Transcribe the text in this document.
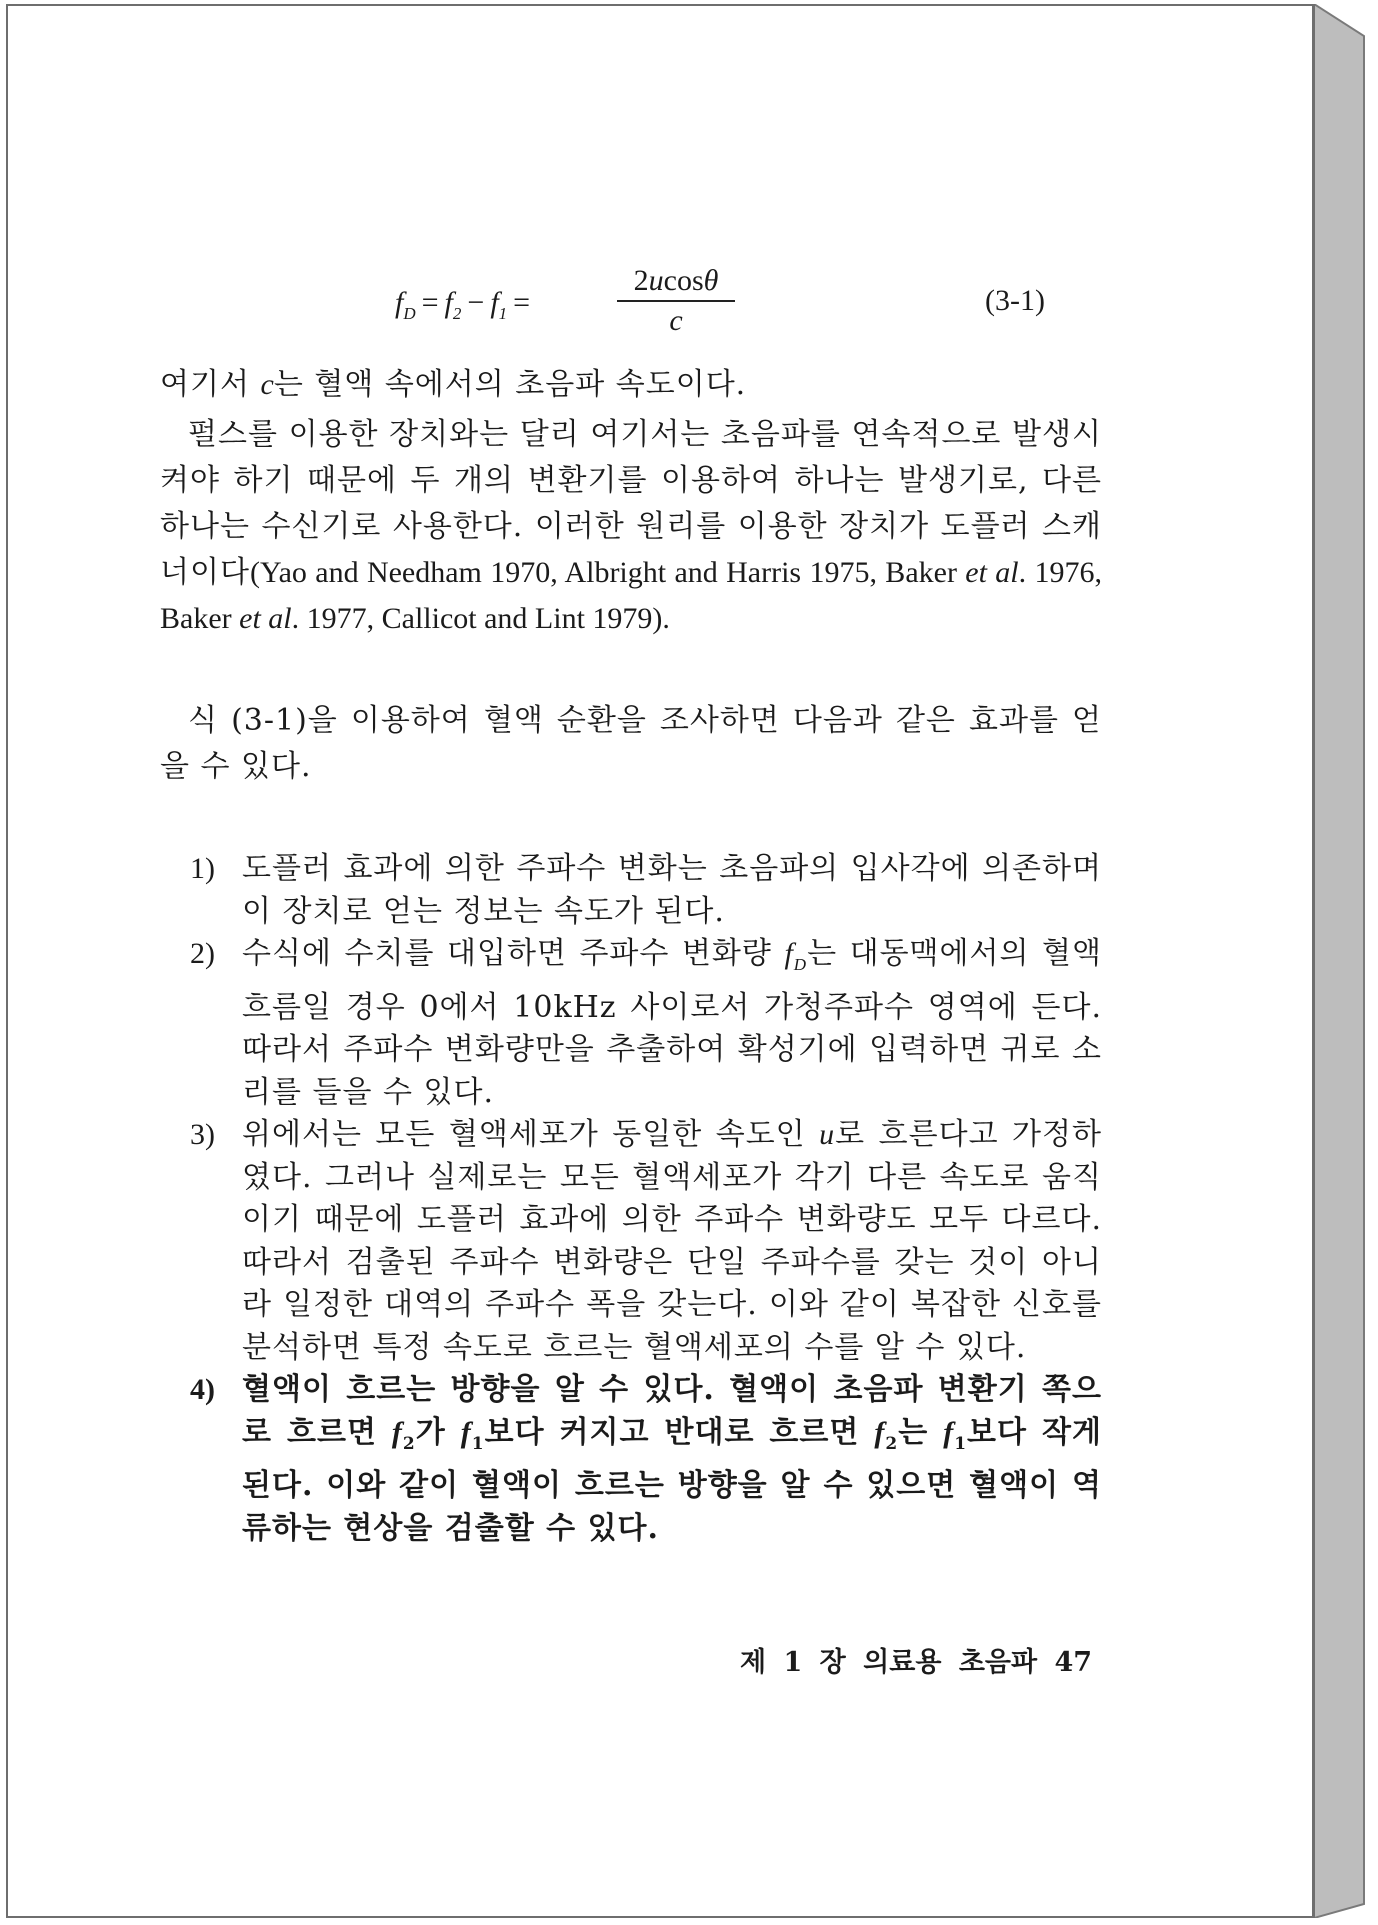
$f_D = f_2 - f_1$ =	$\frac{2ucos\theta}{c}$	(3-1)

여기서 c는 혈액 속에서의 초음파 속도이다.

펄스를 이용한 장치와는 달리 여기서는 초음파를 연속적으로 발생시켜야 하기 때문에 두 개의 변환기를 이용하여 하나는 발생기로, 다른 하나는 수신기로 사용한다. 이러한 원리를 이용한 장치가 도플러 스캐너이다(Yao and Needham 1970, Albright and Harris 1975, Baker et al. 1976, Baker et al. 1977, Callicot and Lint 1979).

식 (3-1)을 이용하여 혈액 순환을 조사하면 다음과 같은 효과를 얻을 수 있다.

1) 도플러 효과에 의한 주파수 변화는 초음파의 입사각에 의존하며 이 장치로 얻는 정보는 속도가 된다.
2) 수식에 수치를 대입하면 주파수 변화량 $f_D$는 대동맥에서의 혈액 흐름일 경우 0에서 10kHz 사이로서 가청주파수 영역에 든다. 따라서 주파수 변화량만을 추출하여 확성기에 입력하면 귀로 소리를 들을 수 있다.
3) 위에서는 모든 혈액세포가 동일한 속도인 u로 흐른다고 가정하였다. 그러나 실제로는 모든 혈액세포가 각기 다른 속도로 움직이기 때문에 도플러 효과에 의한 주파수 변화량도 모두 다르다. 따라서 검출된 주파수 변화량은 단일 주파수를 갖는 것이 아니라 일정한 대역의 주파수 폭을 갖는다. 이와 같이 복잡한 신호를 분석하면 특정 속도로 흐르는 혈액세포의 수를 알 수 있다.
4) 혈액이 흐르는 방향을 알 수 있다. 혈액이 초음파 변환기 쪽으로 흐르면 $f_2$가 $f_1$보다 커지고 반대로 흐르면 $f_2$는 $f_1$보다 작게 된다. 이와 같이 혈액이 흐르는 방향을 알 수 있으면 혈액이 역류하는 현상을 검출할 수 있다.
제 1 장 의료용 초음파 47
